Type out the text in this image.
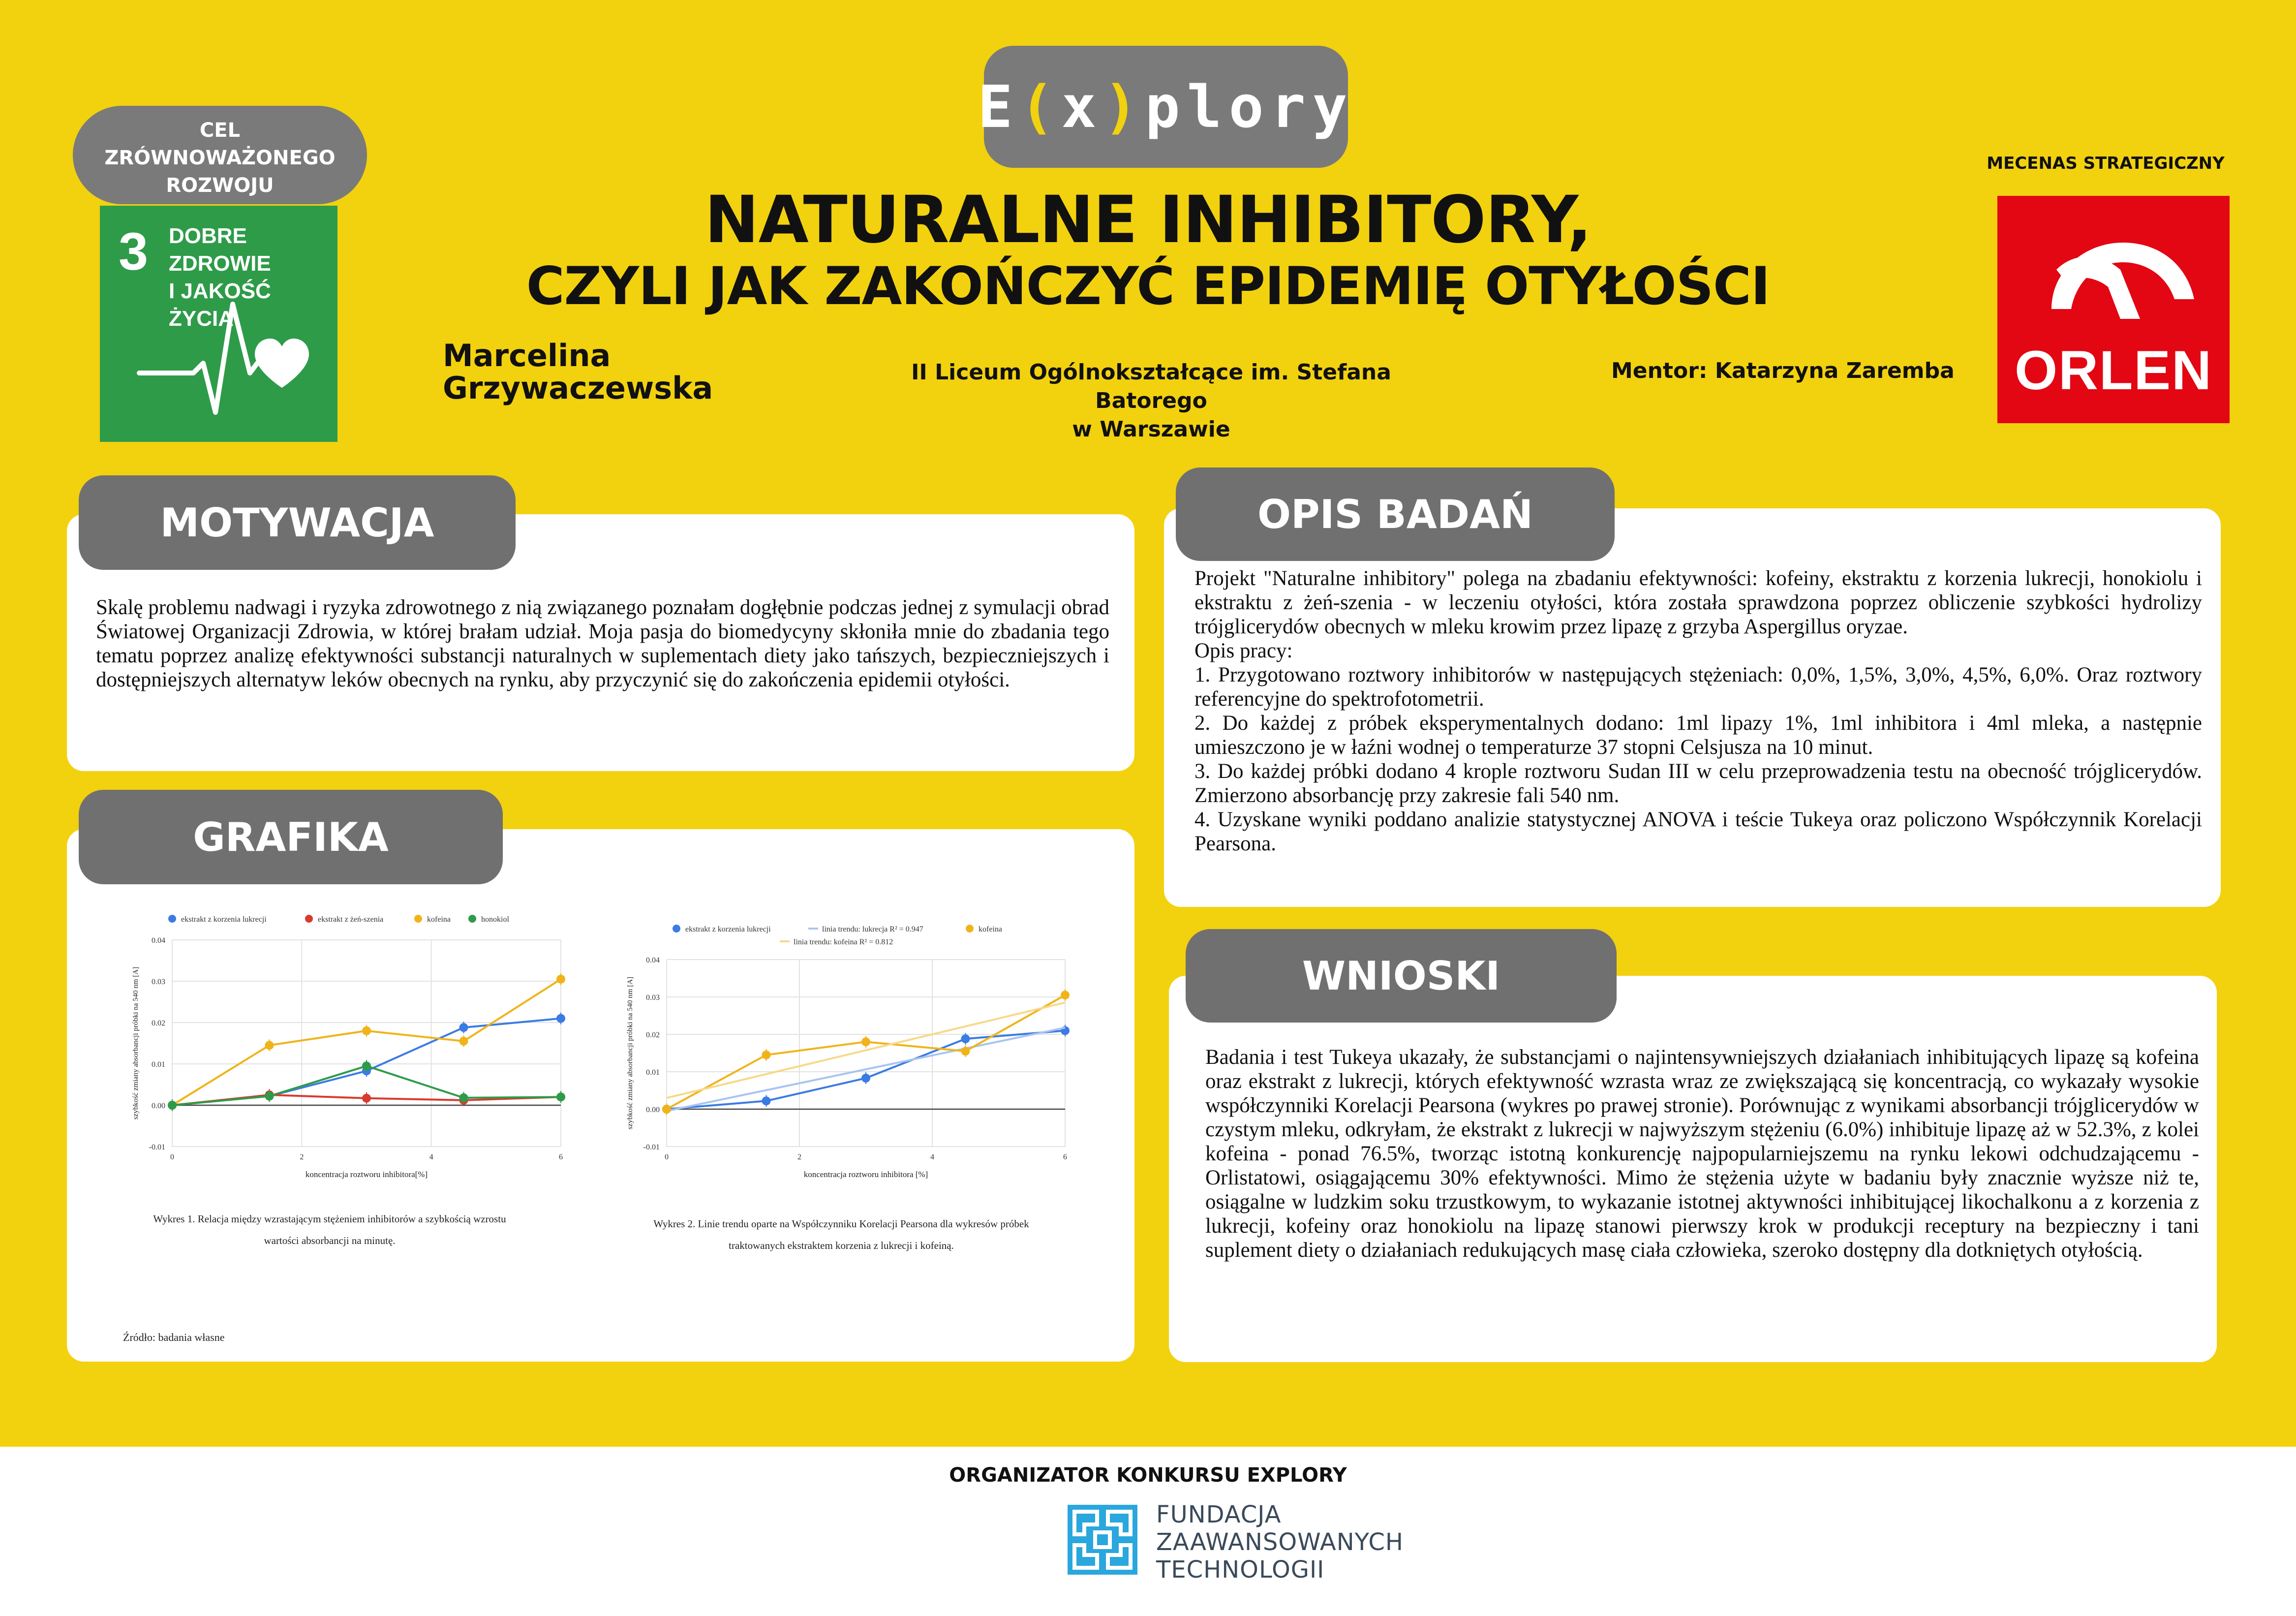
E ( x ) plory
NATURALNE INHIBITORY,
CZYLI JAK ZAKOŃCZYĆ EPIDEMIĘ OTYŁOŚCI
Marcelina
Grzywaczewska	II Liceum Ogólnokształcące im. Stefana Batorego
w Warszawie
Mentor: Katarzyna Zaremba
CEL
ZRÓWNOWAŻONEGO
ROZWOJU
3 DOBRE ZDROWIE
I JAKOŚĆ ŻYCIA
MECENAS STRATEGICZNY
ORLEN
MOTYWACJA
Skalę problemu nadwagi i ryzyka zdrowotnego z nią związanego poznałam dogłębnie podczas jednej z symulacji obrad Światowej Organizacji Zdrowia, w której brałam udział. Moja pasja do biomedycyny skłoniła mnie do zbadania tego tematu poprzez analizę efektywności substancji naturalnych w suplementach diety jako tańszych, bezpieczniejszych i dostępniejszych alternatyw leków obecnych na rynku, aby przyczynić się do zakończenia epidemii otyłości.
OPIS BADAŃ
Projekt "Naturalne inhibitory" polega na zbadaniu efektywności: kofeiny, ekstraktu z korzenia lukrecji, honokiolu i ekstraktu z żeń-szenia - w leczeniu otyłości, która została sprawdzona poprzez obliczenie szybkości hydrolizy trójglicerydów obecnych w mleku krowim przez lipazę z grzyba Aspergillus oryzae.
Opis pracy:
1. Przygotowano roztwory inhibitorów w następujących stężeniach: 0,0%, 1,5%, 3,0%, 4,5%, 6,0%. Oraz roztwory referencyjne do spektrofotometrii.
2. Do każdej z próbek eksperymentalnych dodano: 1ml lipazy 1%, 1ml inhibitora i 4ml mleka, a następnie umieszczono je w łaźni wodnej o temperaturze 37 stopni Celsjusza na 10 minut.
3. Do każdej próbki dodano 4 krople roztworu Sudan III w celu przeprowadzenia testu na obecność trójglicerydów. Zmierzono absorbancję przy zakresie fali 540 nm.
4. Uzyskane wyniki poddano analizie statystycznej ANOVA i teście Tukeya oraz policzono Współczynnik Korelacji Pearsona.
WNIOSKI
Badania i test Tukeya ukazały, że substancjami o najintensywniejszych działaniach inhibitujących lipazę są kofeina oraz ekstrakt z lukrecji, których efektywność wzrasta wraz ze zwiększającą się koncentracją, co wykazały wysokie współczynniki Korelacji Pearsona (wykres po prawej stronie). Porównując z wynikami absorbancji trójglicerydów w czystym mleku, odkryłam, że ekstrakt z lukrecji w najwyższym stężeniu (6.0%) inhibituje lipazę aż w 52.3%, z kolei kofeina - ponad 76.5%, tworząc istotną konkurencję najpopularniejszemu na rynku lekowi odchudzającemu - Orlistatowi, osiągającemu 30% efektywności. Mimo że stężenia użyte w badaniu były znacznie wyższe niż te, osiągalne w ludzkim soku trzustkowym, to wykazanie istotnej aktywności inhibitującej likochalkonu a z korzenia z lukrecji, kofeiny oraz honokiolu na lipazę stanowi pierwszy krok w produkcji receptury na bezpieczny i tani suplement diety o działaniach redukujących masę ciała człowieka, szeroko dostępny dla dotkniętych otyłością.
GRAFIKA
-0.01
0.00
0.01
0.02
0.03
0.04
0	2	4	6
koncentracja roztworu inhibitora[%]
szybkość zmiany absorbancji próbki na 540 nm [A]
ekstrakt z korzenia lukrecji	ekstrakt z żeń-szenia	kofeina	honokiol
-0.01
0.00
0.01
0.02
0.03
0.04
0	2	4	6
koncentracja roztworu inhibitora [%]
szybkość zmiany absorbancji próbki na 540 nm [A]
ekstrakt z korzenia lukrecji	linia trendu: lukrecja R² = 0.947	kofeina
linia trendu: kofeina R² = 0.812
Wykres 1. Relacja między wzrastającym stężeniem inhibitorów a szybkością wzrostu
wartości absorbancji na minutę.
Wykres 2. Linie trendu oparte na Współczynniku Korelacji Pearsona dla wykresów próbek
traktowanych ekstraktem korzenia z lukrecji i kofeiną.
Źródło: badania własne
ORGANIZATOR KONKURSU EXPLORY
FUNDACJA
ZAAWANSOWANYCH
TECHNOLOGII
